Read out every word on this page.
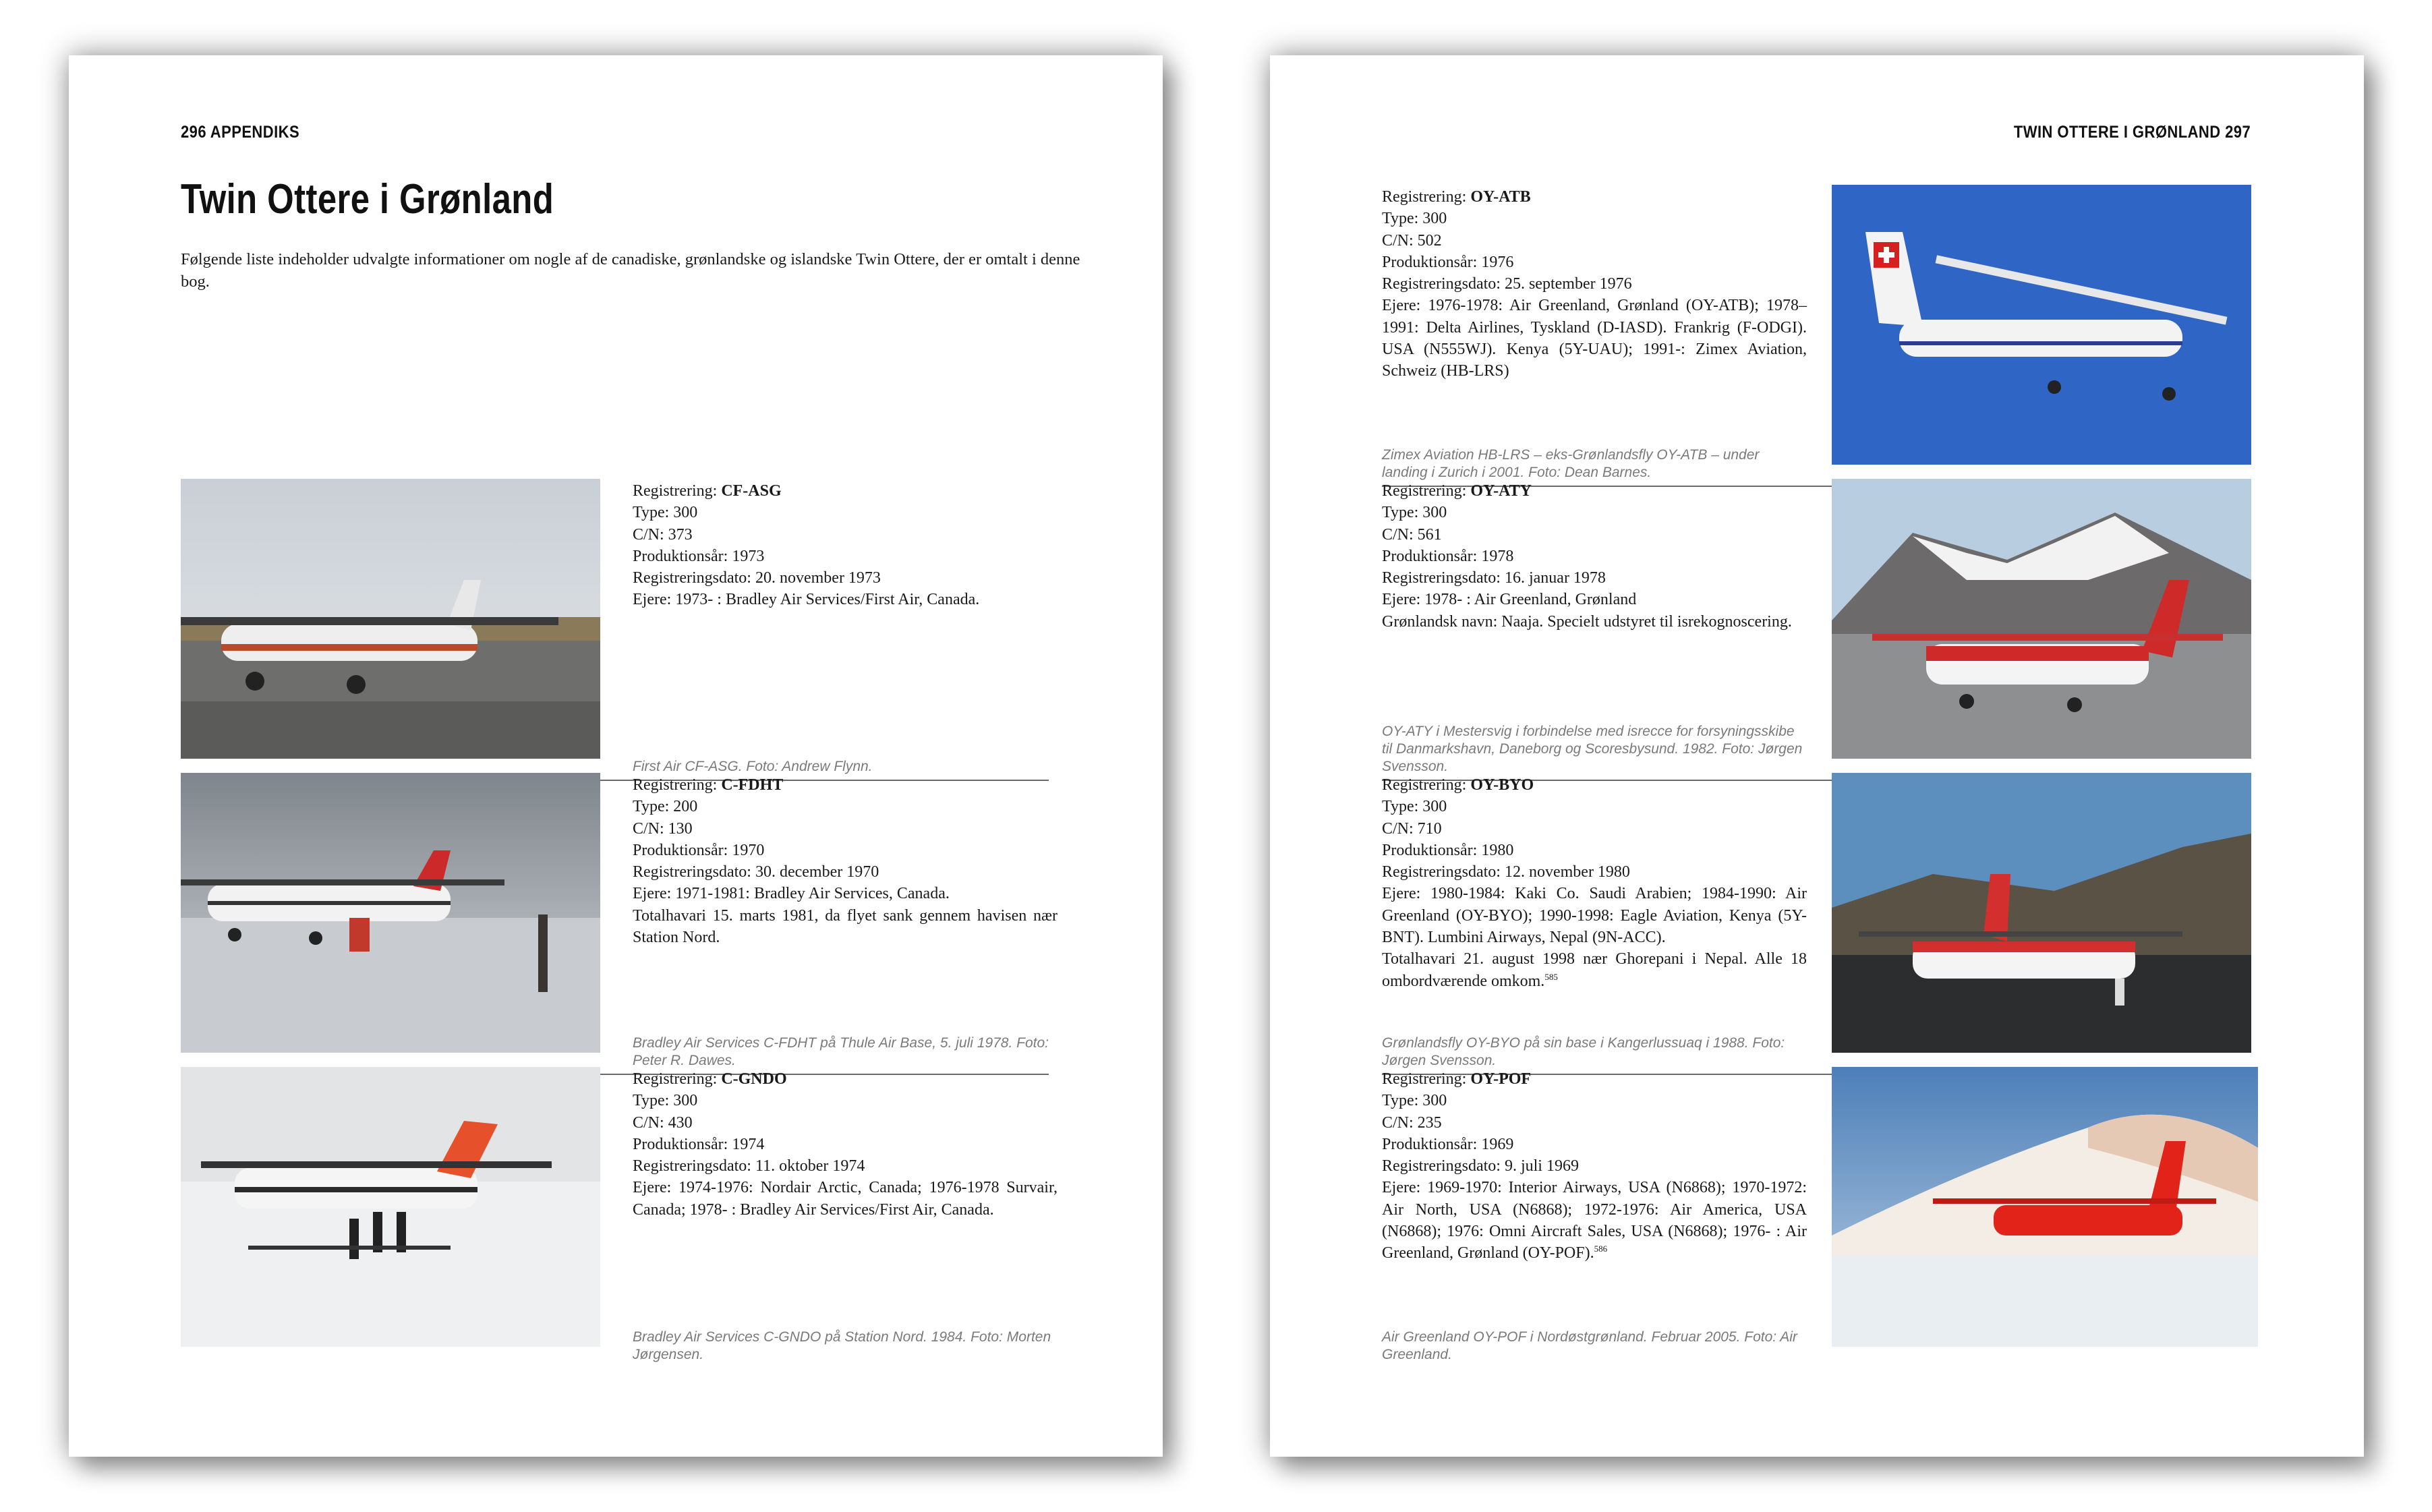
296 APPENDIKS
Twin Ottere i Grønland

Følgende liste indeholder udvalgte informationer om nogle af de canadiske, grønlandske og islandske Twin Ottere, der er omtalt i denne bog.

Registrering: CF-ASG
Type: 300
C/N: 373
Produktionsår: 1973
Registreringsdato: 20. november 1973
Ejere: 1973- : Bradley Air Services/First Air, Canada.
First Air CF-ASG. Foto: Andrew Flynn.
Registrering: C-FDHT
Type: 200
C/N: 130
Produktionsår: 1970
Registreringsdato: 30. december 1970
Ejere: 1971-1981: Bradley Air Services, Canada.
Totalhavari 15. marts 1981, da flyet sank gennem havisen nær Station Nord.
Bradley Air Services C-FDHT på Thule Air Base, 5. juli 1978. Foto: Peter R. Dawes.
Registrering: C-GNDO
Type: 300
C/N: 430
Produktionsår: 1974
Registreringsdato: 11. oktober 1974
Ejere: 1974-1976: Nordair Arctic, Canada; 1976-1978 Survair, Canada; 1978- : Bradley Air Services/First Air, Canada.
Bradley Air Services C-GNDO på Station Nord. 1984. Foto: Morten Jørgensen.
TWIN OTTERE I GRØNLAND 297
Registrering: OY-ATB
Type: 300
C/N: 502
Produktionsår: 1976
Registreringsdato: 25. september 1976
Ejere: 1976-1978: Air Greenland, Grønland (OY-ATB); 1978–1991: Delta Airlines, Tyskland (D-IASD). Frankrig (F-ODGI). USA (N555WJ). Kenya (5Y-UAU); 1991-: Zimex Aviation, Schweiz (HB-LRS)
Zimex Aviation HB-LRS – eks-Grønlandsfly OY-ATB – under landing i Zurich i 2001. Foto: Dean Barnes.
Registrering: OY-ATY
Type: 300
C/N: 561
Produktionsår: 1978
Registreringsdato: 16. januar 1978
Ejere: 1978- : Air Greenland, Grønland
Grønlandsk navn: Naaja. Specielt udstyret til isrekognoscering.
OY-ATY i Mestersvig i forbindelse med isrecce for forsyningsskibe til Danmarkshavn, Daneborg og Scoresbysund. 1982. Foto: Jørgen Svensson.
Registrering: OY-BYO
Type: 300
C/N: 710
Produktionsår: 1980
Registreringsdato: 12. november 1980
Ejere: 1980-1984: Kaki Co. Saudi Arabien; 1984-1990: Air Greenland (OY-BYO); 1990-1998: Eagle Aviation, Kenya (5Y-BNT). Lumbini Airways, Nepal (9N-ACC).
Totalhavari 21. august 1998 nær Ghorepani i Nepal. Alle 18 ombordværende omkom.$^{585}$
Grønlandsfly OY-BYO på sin base i Kangerlussuaq i 1988. Foto: Jørgen Svensson.
Registrering: OY-POF
Type: 300
C/N: 235
Produktionsår: 1969
Registreringsdato: 9. juli 1969
Ejere: 1969-1970: Interior Airways, USA (N6868); 1970-1972: Air North, USA (N6868); 1972-1976: Air America, USA (N6868); 1976: Omni Aircraft Sales, USA (N6868); 1976- : Air Greenland, Grønland (OY-POF).$^{586}$
Air Greenland OY-POF i Nordøstgrønland. Februar 2005. Foto: Air Greenland.
